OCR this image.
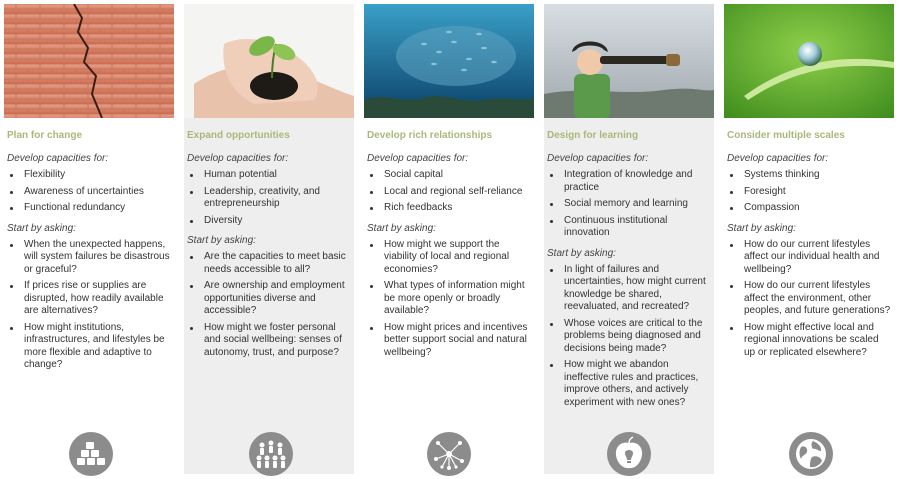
Plan for change
Develop capacities for:
Flexibility
Awareness of uncertainties
Functional redundancy
Start by asking:
When the unexpected happens, will system failures be disastrous or graceful?
If prices rise or supplies are disrupted, how readily available are alternatives?
How might institutions, infrastructures, and lifestyles be more flexible and adaptive to change?
Expand opportunities
Develop capacities for:
Human potential
Leadership, creativity, and entrepreneurship
Diversity
Start by asking:
Are the capacities to meet basic needs accessible to all?
Are ownership and employment opportunities diverse and accessible?
How might we foster personal and social wellbeing: senses of autonomy, trust, and purpose?
Develop rich relationships
Develop capacities for:
Social capital
Local and regional self-reliance
Rich feedbacks
Start by asking:
How might we support the viability of local and regional economies?
What types of information might be more openly or broadly available?
How might prices and incentives better support social and natural wellbeing?
Design for learning
Develop capacities for:
Integration of knowledge and practice
Social memory and learning
Continuous institutional innovation
Start by asking:
In light of failures and uncertainties, how might current knowledge be shared, reevaluated, and recreated?
Whose voices are critical to the problems being diagnosed and decisions being made?
How might we abandon ineffective rules and practices, improve others, and actively experiment with new ones?
Consider multiple scales
Develop capacities for:
Systems thinking
Foresight
Compassion
Start by asking:
How do our current lifestyles affect our individual health and wellbeing?
How do our current lifestyles affect the environment, other peoples, and future generations?
How might effective local and regional innovations be scaled up or replicated elsewhere?
